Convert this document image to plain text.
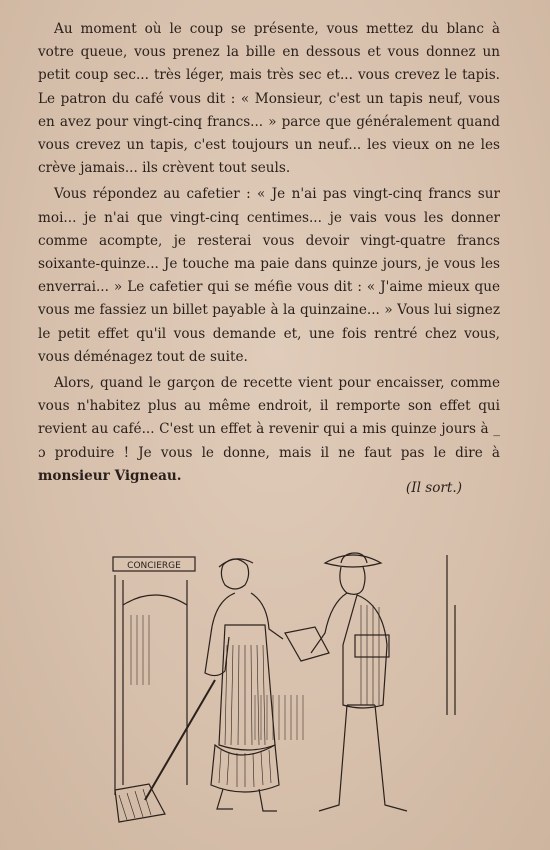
Au moment où le coup se présente, vous mettez du blanc à votre queue, vous prenez la bille en dessous et vous donnez un petit coup sec... très léger, mais très sec et... vous crevez le tapis. Le patron du café vous dit : « Monsieur, c'est un tapis neuf, vous en avez pour vingt-cinq francs... » parce que généralement quand vous crevez un tapis, c'est toujours un neuf... les vieux on ne les crève jamais... ils crèvent tout seuls.

Vous répondez au cafetier : « Je n'ai pas vingt-cinq francs sur moi... je n'ai que vingt-cinq centimes... je vais vous les donner comme acompte, je resterai vous devoir vingt-quatre francs soixante-quinze... Je touche ma paie dans quinze jours, je vous les enverrai... » Le cafetier qui se méfie vous dit : « J'aime mieux que vous me fassiez un billet payable à la quinzaine... » Vous lui signez le petit effet qu'il vous demande et, une fois rentré chez vous, vous déménagez tout de suite.

Alors, quand le garçon de recette vient pour encaisser, comme vous n'habitez plus au même endroit, il remporte son effet qui revient au café... C'est un effet à revenir qui a mis quinze jours à _ ɔ produire ! Je vous le donne, mais il ne faut pas le dire à monsieur Vigneau.

(Il sort.)
CONCIERGE
